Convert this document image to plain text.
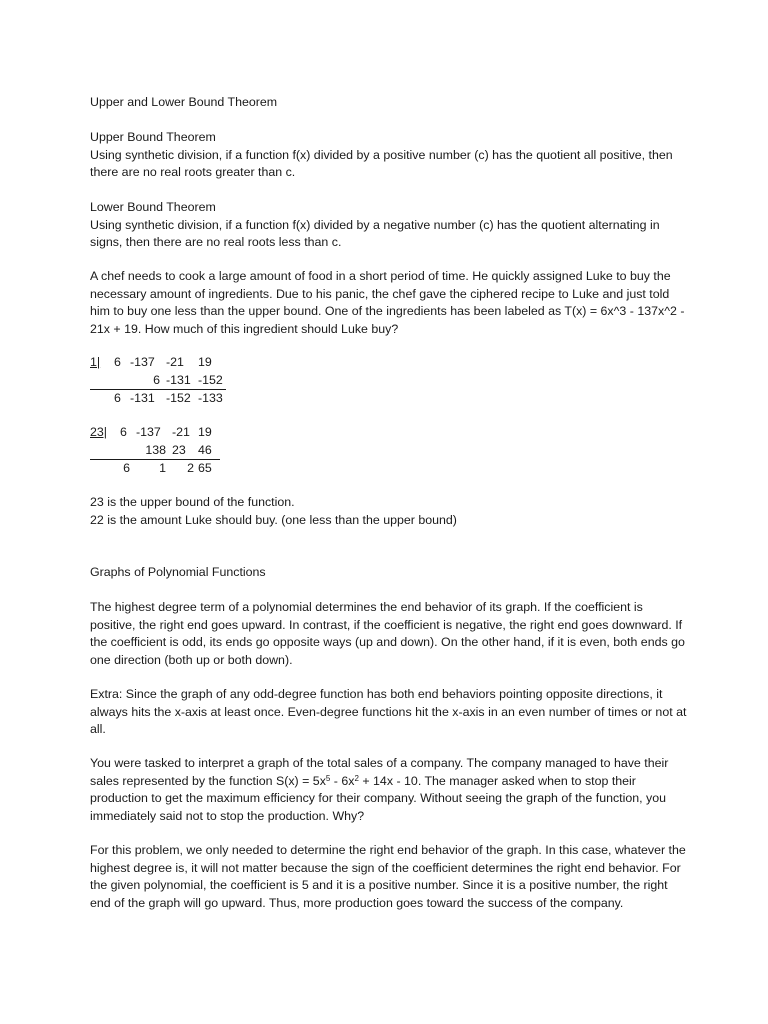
Upper and Lower Bound Theorem

Upper Bound Theorem

Using synthetic division, if a function f(x) divided by a positive number (c) has the quotient all positive, then there are no real roots greater than c.

Lower Bound Theorem

Using synthetic division, if a function f(x) divided by a negative number (c) has the quotient alternating in signs, then there are no real roots less than c.

A chef needs to cook a large amount of food in a short period of time. He quickly assigned Luke to buy the necessary amount of ingredients. Due to his panic, the chef gave the ciphered recipe to Luke and just told him to buy one less than the upper bound. One of the ingredients has been labeled as T(x) = 6x^3 - 137x^2 - 21x + 19. How much of this ingredient should Luke buy?

1|	6	-137	-21	19
		6	-131	-152
	6	-131	-152	-133
23|	6	-137	-21	19
		138	23	46
	6	1	2	65

23 is the upper bound of the function.

22 is the amount Luke should buy. (one less than the upper bound)

Graphs of Polynomial Functions

The highest degree term of a polynomial determines the end behavior of its graph. If the coefficient is positive, the right end goes upward. In contrast, if the coefficient is negative, the right end goes downward. If the coefficient is odd, its ends go opposite ways (up and down). On the other hand, if it is even, both ends go one direction (both up or both down).

Extra: Since the graph of any odd-degree function has both end behaviors pointing opposite directions, it always hits the x-axis at least once. Even-degree functions hit the x-axis in an even number of times or not at all.

You were tasked to interpret a graph of the total sales of a company. The company managed to have their sales represented by the function $S(x) = 5x^5 - 6x^2 + 14x - 10$. The manager asked when to stop their production to get the maximum efficiency for their company. Without seeing the graph of the function, you immediately said not to stop the production. Why?

For this problem, we only needed to determine the right end behavior of the graph. In this case, whatever the highest degree is, it will not matter because the sign of the coefficient determines the right end behavior. For the given polynomial, the coefficient is 5 and it is a positive number. Since it is a positive number, the right end of the graph will go upward. Thus, more production goes toward the success of the company.
